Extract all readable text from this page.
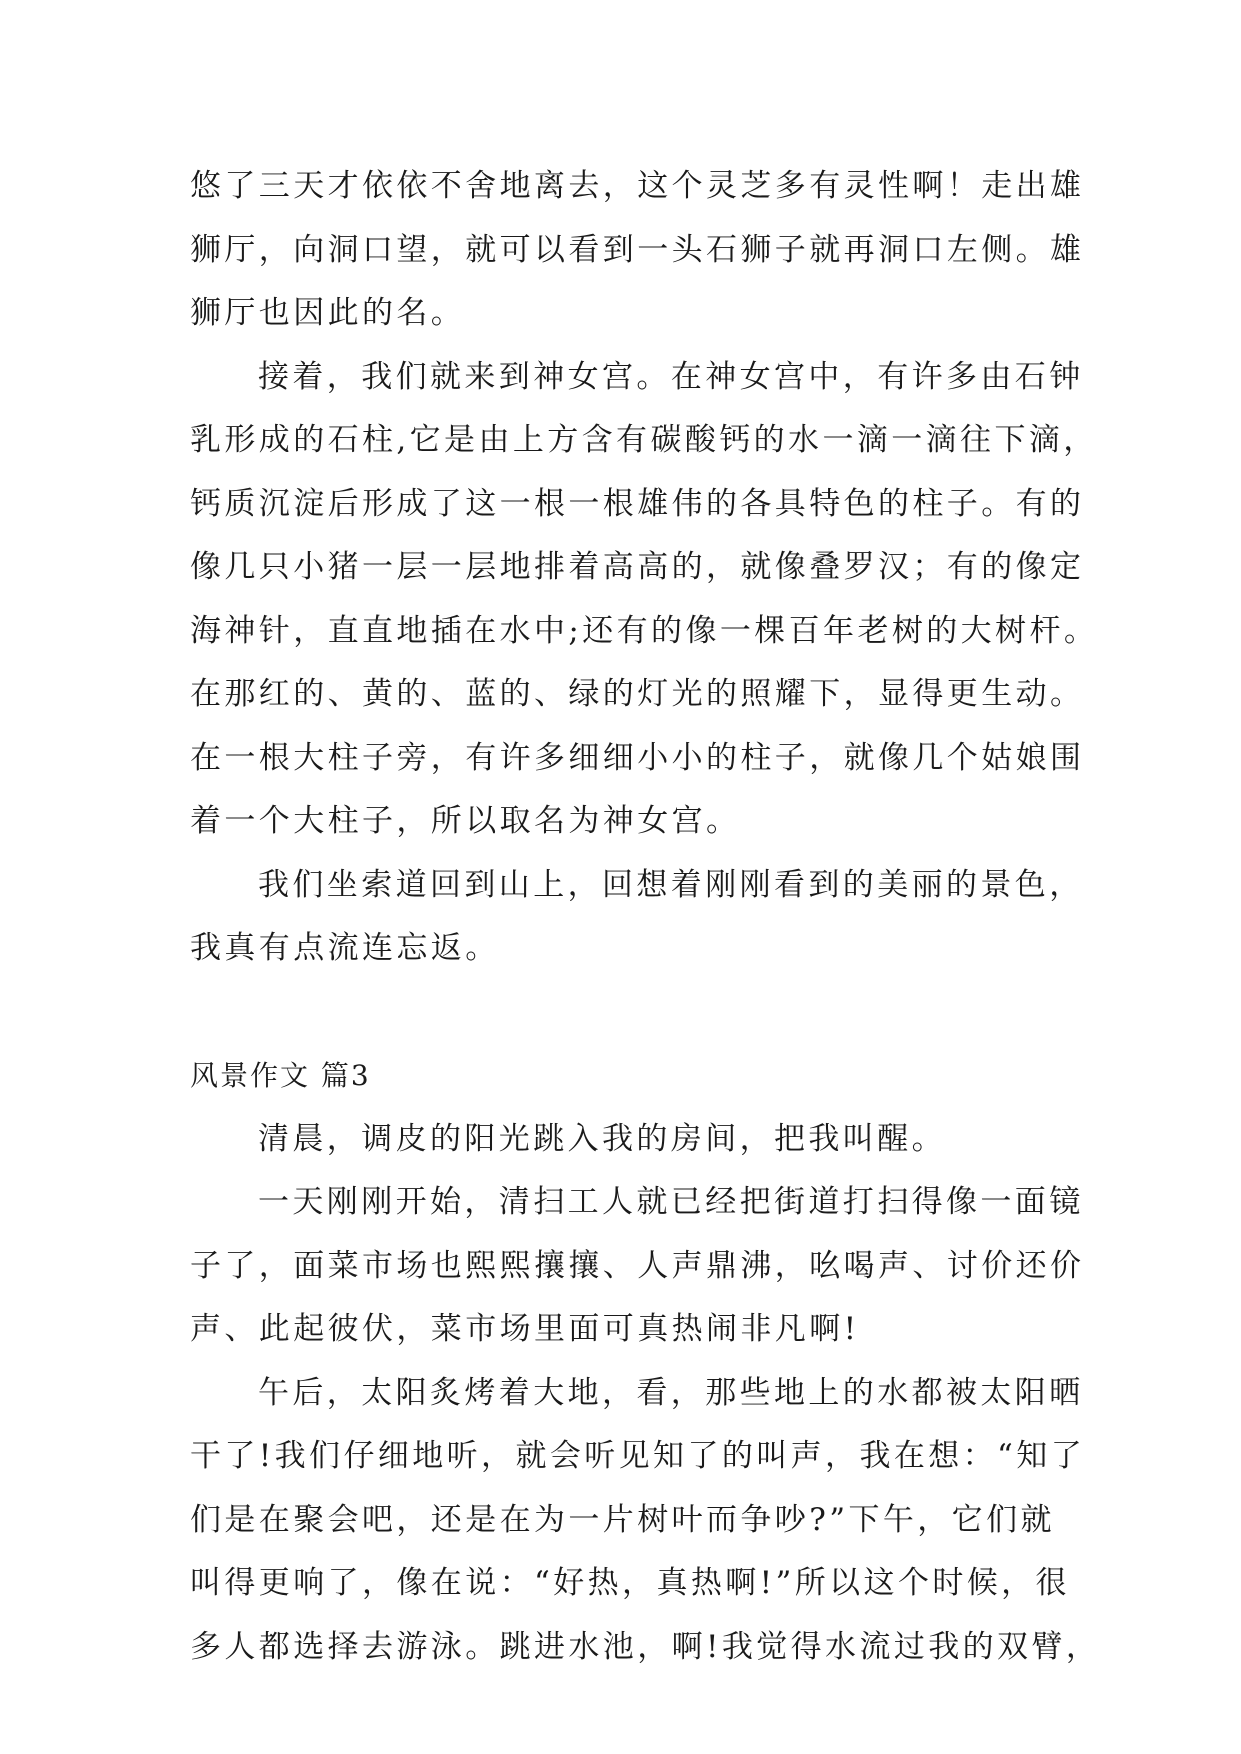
悠了三天才依依不舍地离去，这个灵芝多有灵性啊！走出雄
狮厅，向洞口望，就可以看到一头石狮子就再洞口左侧。雄
狮厅也因此的名。
接着，我们就来到神女宫。在神女宫中，有许多由石钟
乳形成的石柱,它是由上方含有碳酸钙的水一滴一滴往下滴，
钙质沉淀后形成了这一根一根雄伟的各具特色的柱子。有的
像几只小猪一层一层地排着高高的，就像叠罗汉；有的像定
海神针，直直地插在水中;还有的像一棵百年老树的大树杆。
在那红的、黄的、蓝的、绿的灯光的照耀下，显得更生动。
在一根大柱子旁，有许多细细小小的柱子，就像几个姑娘围
着一个大柱子，所以取名为神女宫。
我们坐索道回到山上，回想着刚刚看到的美丽的景色，
我真有点流连忘返。
风景作文 篇3
清晨，调皮的阳光跳入我的房间，把我叫醒。
一天刚刚开始，清扫工人就已经把街道打扫得像一面镜
子了，面菜市场也熙熙攘攘、人声鼎沸，吆喝声、讨价还价
声、此起彼伏，菜市场里面可真热闹非凡啊!
午后，太阳炙烤着大地，看，那些地上的水都被太阳晒
干了!我们仔细地听，就会听见知了的叫声，我在想：“知了
们是在聚会吧，还是在为一片树叶而争吵?”下午，它们就
叫得更响了，像在说：“好热，真热啊!”所以这个时候，很
多人都选择去游泳。跳进水池，啊!我觉得水流过我的双臂，
